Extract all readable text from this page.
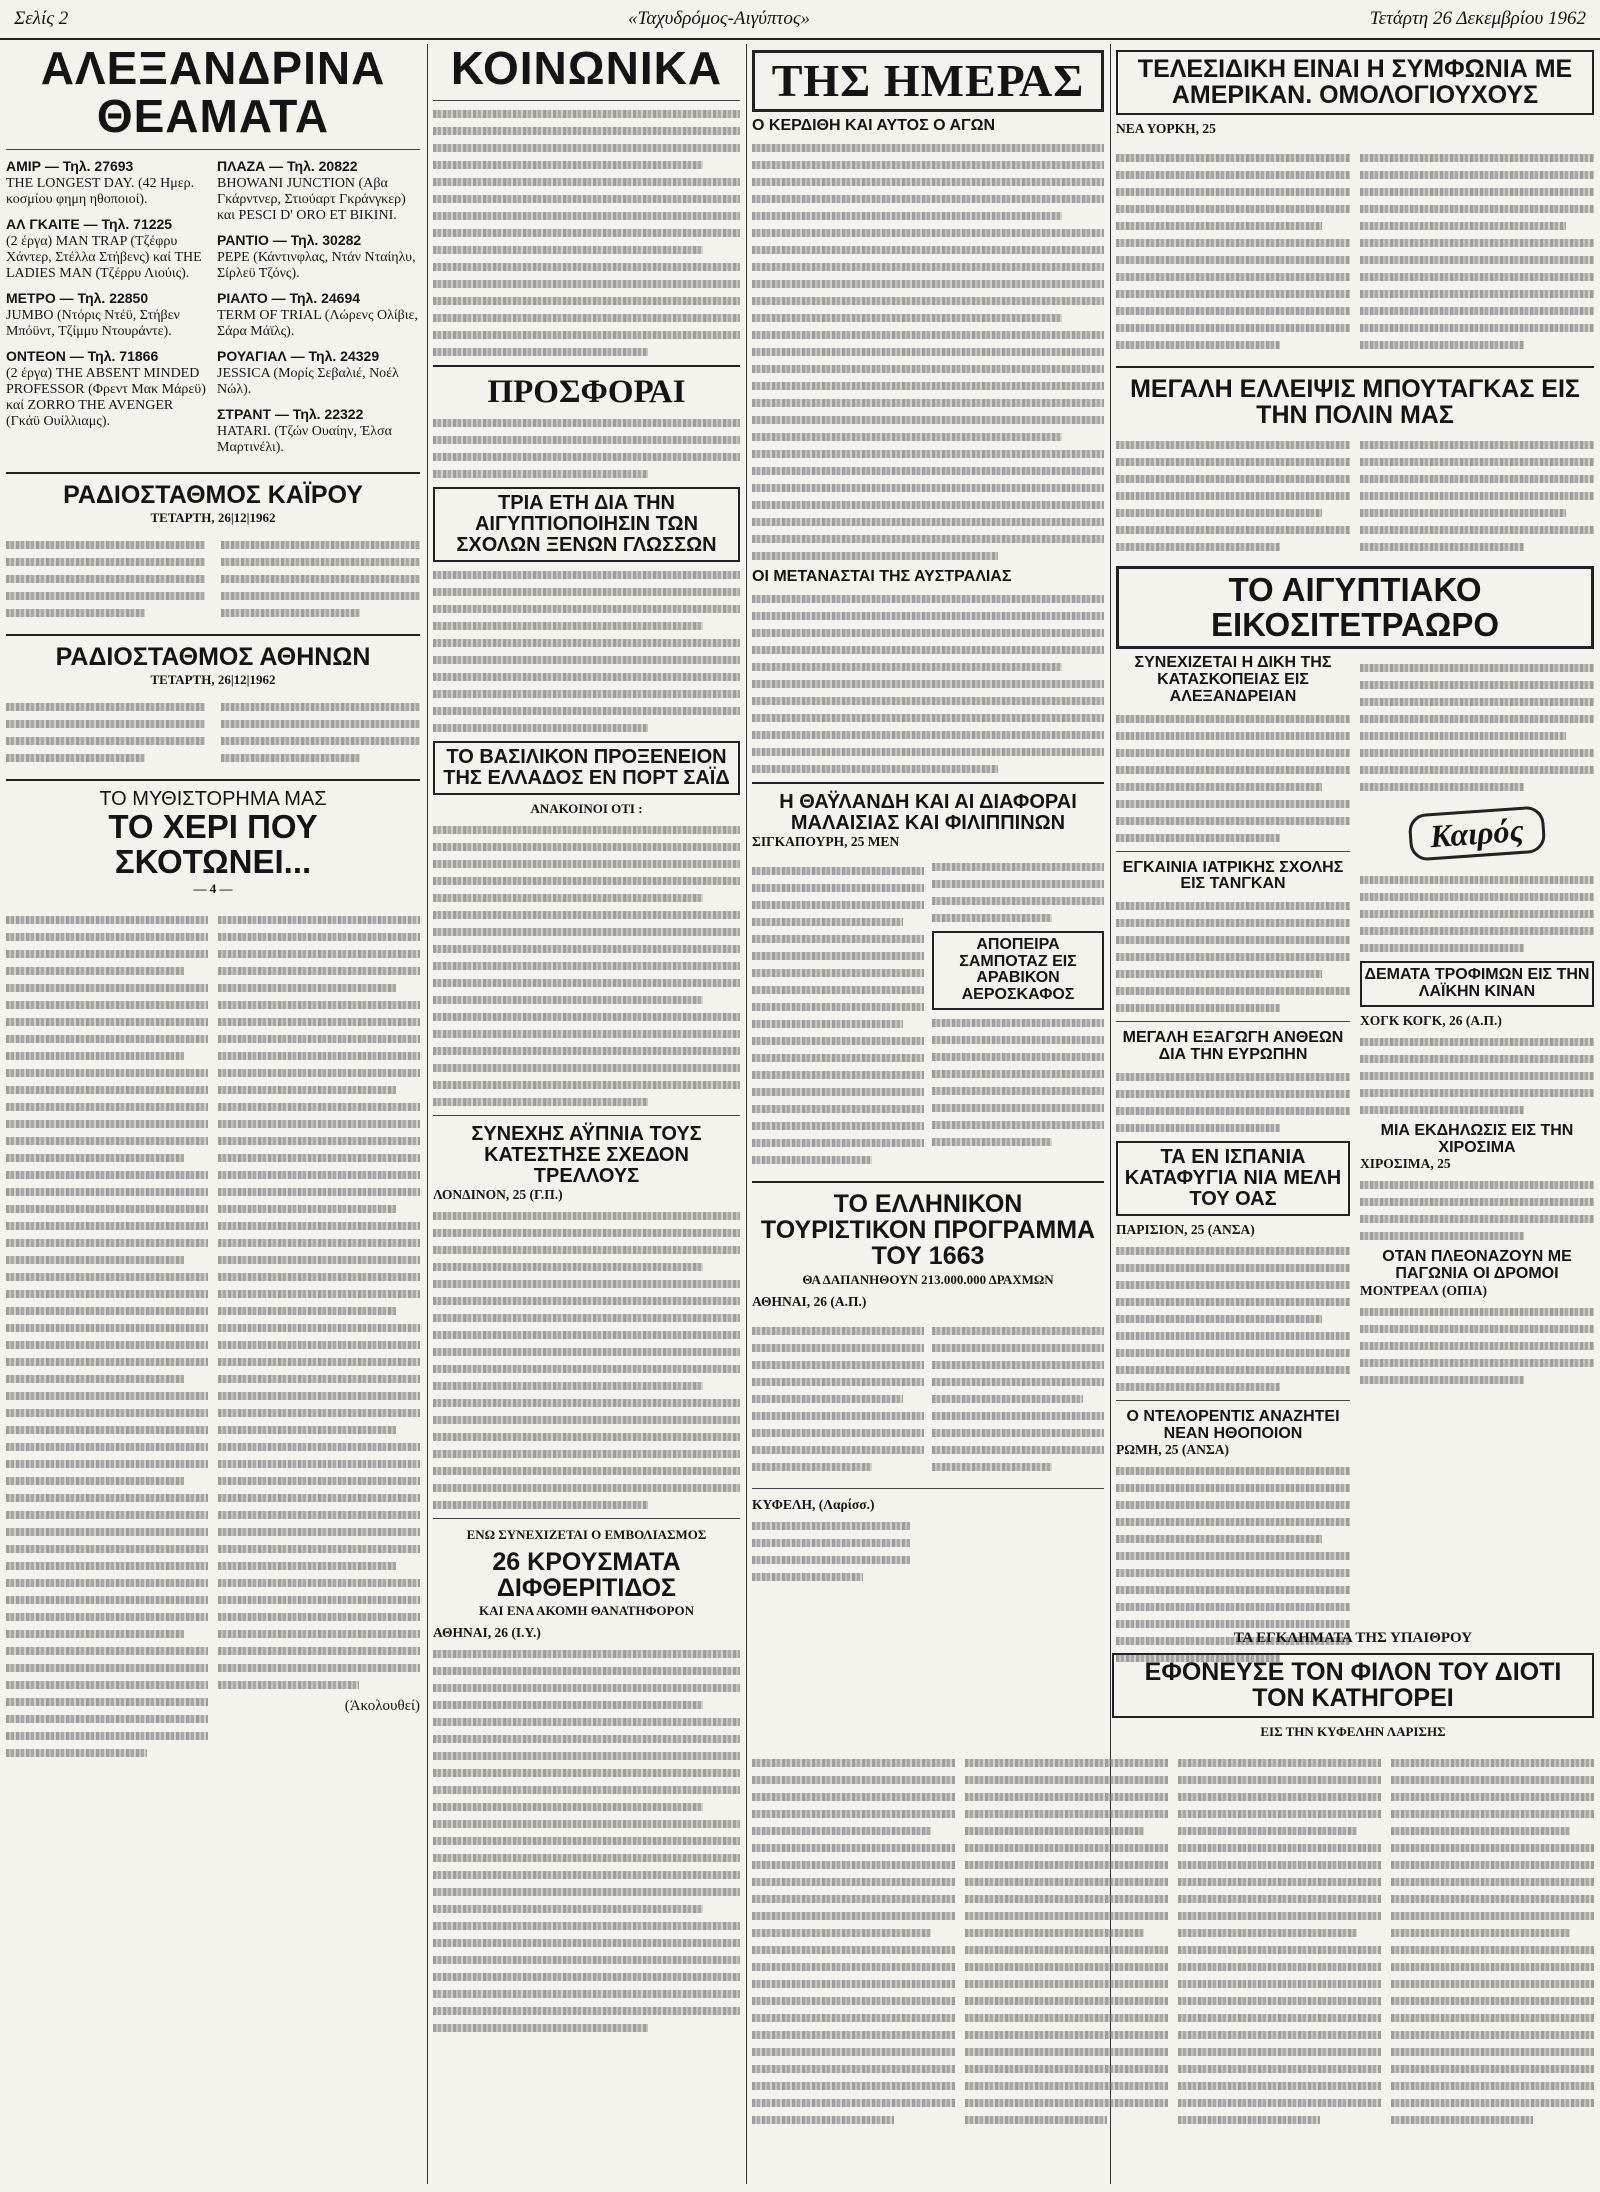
Σελίς 2	«Ταχυδρόμος-Αιγύπτος»	Τετάρτη 26 Δεκεμβρίου 1962
ΑΛΕΞΑΝΔΡΙΝΑ ΘΕΑΜΑΤΑ

ΑΜΙΡ — Τηλ. 27693
THE LONGEST DAY. (42 Ημερ. κοσμίου φημη ηθοποιοί).

ΑΛ ΓΚΑΙΤΕ — Τηλ. 71225
(2 έργα) MAN TRAP (Τζέφρυ Χάντερ, Στέλλα Στήβενς) καί THE LADIES MAN (Τζέρρυ Λιούις).

ΜΕΤΡΟ — Τηλ. 22850
JUMBO (Ντόρις Ντέϋ, Στήβεν Μπόϋντ, Τζίμμυ Ντουράντε).

ΟΝΤΕΟΝ — Τηλ. 71866
(2 έργα) THE ABSENT MINDED PROFESSOR (Φρεντ Μακ Μάρεϋ) καί ZORRO THE AVENGER (Γκάϋ Ουίλλιαμς).

ΠΛΑΖΑ — Τηλ. 20822
BHOWANI JUNCTION (Αβα Γκάρντνερ, Στιούαρτ Γκράνγκερ) και PESCI D' ORO ET BIKINI.

ΡΑΝΤΙΟ — Τηλ. 30282
PEPE (Κάντινφλας, Ντάν Νταίηλυ, Σίρλεϋ Τζόνς).

ΡΙΑΛΤΟ — Τηλ. 24694
TERM OF TRIAL (Λώρενς Ολίβιε, Σάρα Μάϊλς).

ΡΟΥΑΓΙΑΛ — Τηλ. 24329
JESSICA (Μορίς Σεβαλιέ, Νοέλ Νώλ).

ΣΤΡΑΝΤ — Τηλ. 22322
HATARI. (Τζών Ουαίην, Έλσα Μαρτινέλι).

ΡΑΔΙΟΣΤΑΘΜΟΣ ΚΑΪΡΟΥ
ΤΕΤΑΡΤΗ, 26|12|1962
ΡΑΔΙΟΣΤΑΘΜΟΣ ΑΘΗΝΩΝ
ΤΕΤΑΡΤΗ, 26|12|1962
ΤΟ ΜΥΘΙΣΤΟΡΗΜΑ ΜΑΣ
ΤΟ ΧΕΡΙ ΠΟΥ ΣΚΟΤΩΝΕΙ...
— 4 —
(Άκολουθεί)
ΚΟΙΝΩΝΙΚΑ
ΠΡΟΣΦΟΡΑΙ
ΤΡΙΑ ΕΤΗ ΔΙΑ ΤΗΝ ΑΙΓΥΠΤΙΟΠΟΙΗΣΙΝ ΤΩΝ ΣΧΟΛΩΝ ΞΕΝΩΝ ΓΛΩΣΣΩΝ
ΤΟ ΒΑΣΙΛΙΚΟΝ ΠΡΟΞΕΝΕΙΟΝ ΤΗΣ ΕΛΛΑΔΟΣ ΕΝ ΠΟΡΤ ΣΑΪΔ
ΑΝΑΚΟΙΝΟΙ ΟΤΙ :
ΣΥΝΕΧΗΣ ΑΫΠΝΙΑ ΤΟΥΣ ΚΑΤΕΣΤΗΣΕ ΣΧΕΔΟΝ ΤΡΕΛΛΟΥΣ

ΛΟΝΔΙΝΟΝ, 25 (Γ.Π.)

ΕΝΩ ΣΥΝΕΧΙΖΕΤΑΙ Ο ΕΜΒΟΛΙΑΣΜΟΣ
26 ΚΡΟΥΣΜΑΤΑ ΔΙΦΘΕΡΙΤΙΔΟΣ
ΚΑΙ ΕΝΑ ΑΚΟΜΗ ΘΑΝΑΤΗΦΟΡΟΝ

ΑΘΗΝΑΙ, 26 (Ι.Υ.)

ΤΗΣ ΗΜΕΡΑΣ
Ο ΚΕΡΔΙΘΗ ΚΑΙ ΑΥΤΟΣ Ο ΑΓΩΝ
ΟΙ ΜΕΤΑΝΑΣΤΑΙ ΤΗΣ ΑΥΣΤΡΑΛΙΑΣ
Η ΘΑΫΛΑΝΔΗ ΚΑΙ ΑΙ ΔΙΑΦΟΡΑΙ ΜΑΛΑΙΣΙΑΣ ΚΑΙ ΦΙΛΙΠΠΙΝΩΝ

ΣΙΓΚΑΠΟΥΡΗ, 25 ΜΕΝ

ΑΠΟΠΕΙΡΑ ΣΑΜΠΟΤΑΖ ΕΙΣ ΑΡΑΒΙΚΟΝ ΑΕΡΟΣΚΑΦΟΣ
ΤΟ ΕΛΛΗΝΙΚΟΝ ΤΟΥΡΙΣΤΙΚΟΝ ΠΡΟΓΡΑΜΜΑ ΤΟΥ 1663
ΘΑ ΔΑΠΑΝΗΘΟΥΝ 213.000.000 ΔΡΑΧΜΩΝ

ΑΘΗΝΑΙ, 26 (Α.Π.)

ΚΥΦΕΛΗ, (Λαρίσσ.)

ΤΕΛΕΣΙΔΙΚΗ ΕΙΝΑΙ Η ΣΥΜΦΩΝΙΑ ΜΕ ΑΜΕΡΙΚΑΝ. ΟΜΟΛΟΓΙΟΥΧΟΥΣ

ΝΕΑ ΥΟΡΚΗ, 25

ΜΕΓΑΛΗ ΕΛΛΕΙΨΙΣ ΜΠΟΥΤΑΓΚΑΣ ΕΙΣ ΤΗΝ ΠΟΛΙΝ ΜΑΣ
ΤΟ ΑΙΓΥΠΤΙΑΚΟ ΕΙΚΟΣΙΤΕΤΡΑΩΡΟ
ΣΥΝΕΧΙΖΕΤΑΙ Η ΔΙΚΗ ΤΗΣ ΚΑΤΑΣΚΟΠΕΙΑΣ ΕΙΣ ΑΛΕΞΑΝΔΡΕΙΑΝ
ΕΓΚΑΙΝΙΑ ΙΑΤΡΙΚΗΣ ΣΧΟΛΗΣ ΕΙΣ ΤΑΝΓΚΑΝ
ΜΕΓΑΛΗ ΕΞΑΓΩΓΗ ΑΝΘΕΩΝ ΔΙΑ ΤΗΝ ΕΥΡΩΠΗΝ
ΤΑ ΕΝ ΙΣΠΑΝΙΑ ΚΑΤΑΦΥΓΙΑ ΝΙΑ ΜΕΛΗ ΤΟΥ ΟΑΣ

ΠΑΡΙΣΙΟΝ, 25 (ΑΝΣΑ)

Ο ΝΤΕΛΟΡΕΝΤΙΣ ΑΝΑΖΗΤΕΙ ΝΕΑΝ ΗΘΟΠΟΙΟΝ

ΡΩΜΗ, 25 (ΑΝΣΑ)

Καιρός
ΔΕΜΑΤΑ ΤΡΟΦΙΜΩΝ ΕΙΣ ΤΗΝ ΛΑΪΚΗΝ ΚΙΝΑΝ

ΧΟΓΚ ΚΟΓΚ, 26 (Α.Π.)

ΜΙΑ ΕΚΔΗΛΩΣΙΣ ΕΙΣ ΤΗΝ ΧΙΡΟΣΙΜΑ

ΧΙΡΟΣΙΜΑ, 25

ΟΤΑΝ ΠΛΕΟΝΑΖΟΥΝ ΜΕ ΠΑΓΩΝΙΑ ΟΙ ΔΡΟΜΟΙ

ΜΟΝΤΡΕΑΛ (ΟΠΙΑ)

ΤΑ ΕΓΚΛΗΜΑΤΑ ΤΗΣ ΥΠΑΙΘΡΟΥ
ΕΦΟΝΕΥΣΕ ΤΟΝ ΦΙΛΟΝ ΤΟΥ ΔΙΟΤΙ ΤΟΝ ΚΑΤΗΓΟΡΕΙ
ΕΙΣ ΤΗΝ ΚΥΦΕΛΗΝ ΛΑΡΙΣΗΣ
